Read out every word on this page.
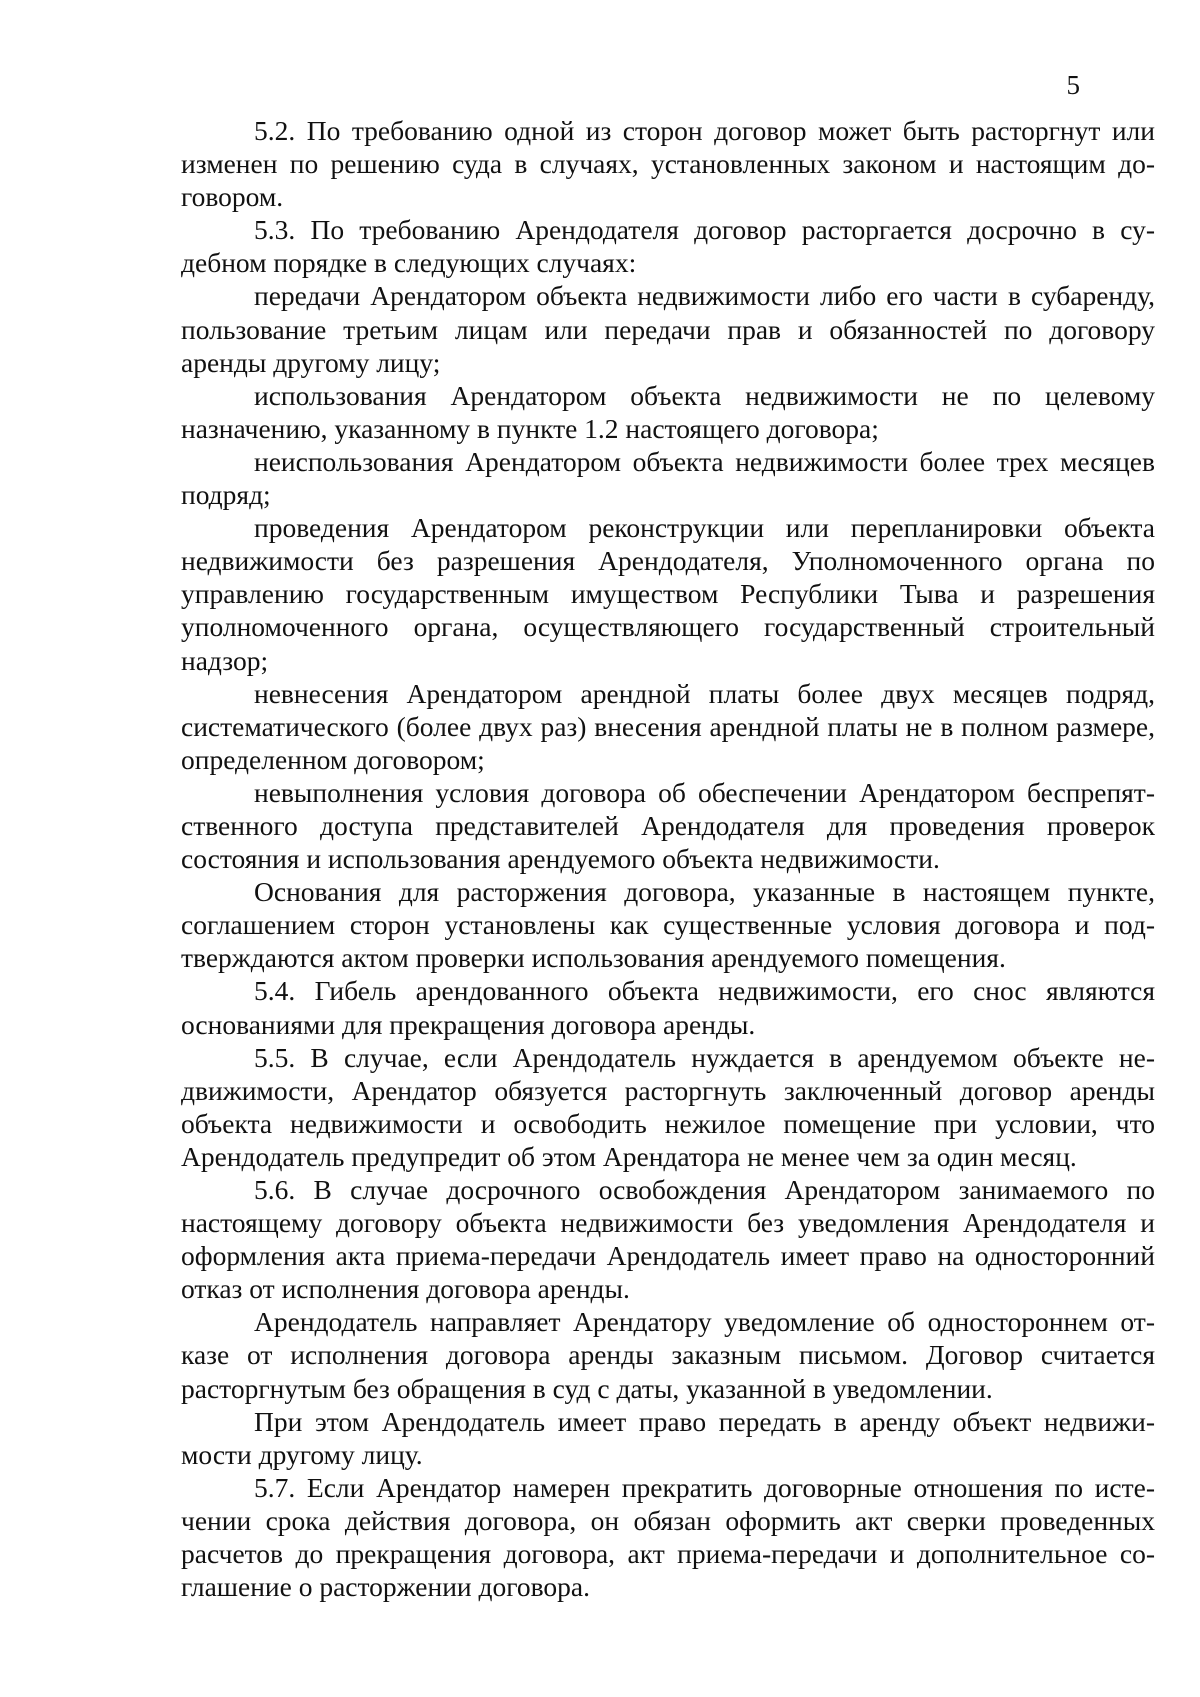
5

5.2. По требованию одной из сторон договор может быть расторгнут или изменен по решению суда в случаях, установленных законом и настоящим договором.

5.3. По требованию Арендодателя договор расторгается досрочно в судебном порядке в следующих случаях:

передачи Арендатором объекта недвижимости либо его части в субаренду, пользование третьим лицам или передачи прав и обязанностей по договору аренды другому лицу;

использования Арендатором объекта недвижимости не по целевому назначению, указанному в пункте 1.2 настоящего договора;

неиспользования Арендатором объекта недвижимости более трех месяцев подряд;

проведения Арендатором реконструкции или перепланировки объекта недвижимости без разрешения Арендодателя, Уполномоченного органа по управлению государственным имуществом Республики Тыва и разрешения уполномоченного органа, осуществляющего государственный строительный надзор;

невнесения Арендатором арендной платы более двух месяцев подряд, систематического (более двух раз) внесения арендной платы не в полном размере, определенном договором;

невыполнения условия договора об обеспечении Арендатором беспрепятственного доступа представителей Арендодателя для проведения проверок состояния и использования арендуемого объекта недвижимости.

Основания для расторжения договора, указанные в настоящем пункте, соглашением сторон установлены как существенные условия договора и подтверждаются актом проверки использования арендуемого помещения.

5.4. Гибель арендованного объекта недвижимости, его снос являются основаниями для прекращения договора аренды.

5.5. В случае, если Арендодатель нуждается в арендуемом объекте недвижимости, Арендатор обязуется расторгнуть заключенный договор аренды объекта недвижимости и освободить нежилое помещение при условии, что Арендодатель предупредит об этом Арендатора не менее чем за один месяц.

5.6. В случае досрочного освобождения Арендатором занимаемого по настоящему договору объекта недвижимости без уведомления Арендодателя и оформления акта приема-передачи Арендодатель имеет право на односторонний отказ от исполнения договора аренды.

Арендодатель направляет Арендатору уведомление об одностороннем отказе от исполнения договора аренды заказным письмом. Договор считается расторгнутым без обращения в суд с даты, указанной в уведомлении.

При этом Арендодатель имеет право передать в аренду объект недвижимости другому лицу.

5.7. Если Арендатор намерен прекратить договорные отношения по истечении срока действия договора, он обязан оформить акт сверки проведенных расчетов до прекращения договора, акт приема-передачи и дополнительное соглашение о расторжении договора.
